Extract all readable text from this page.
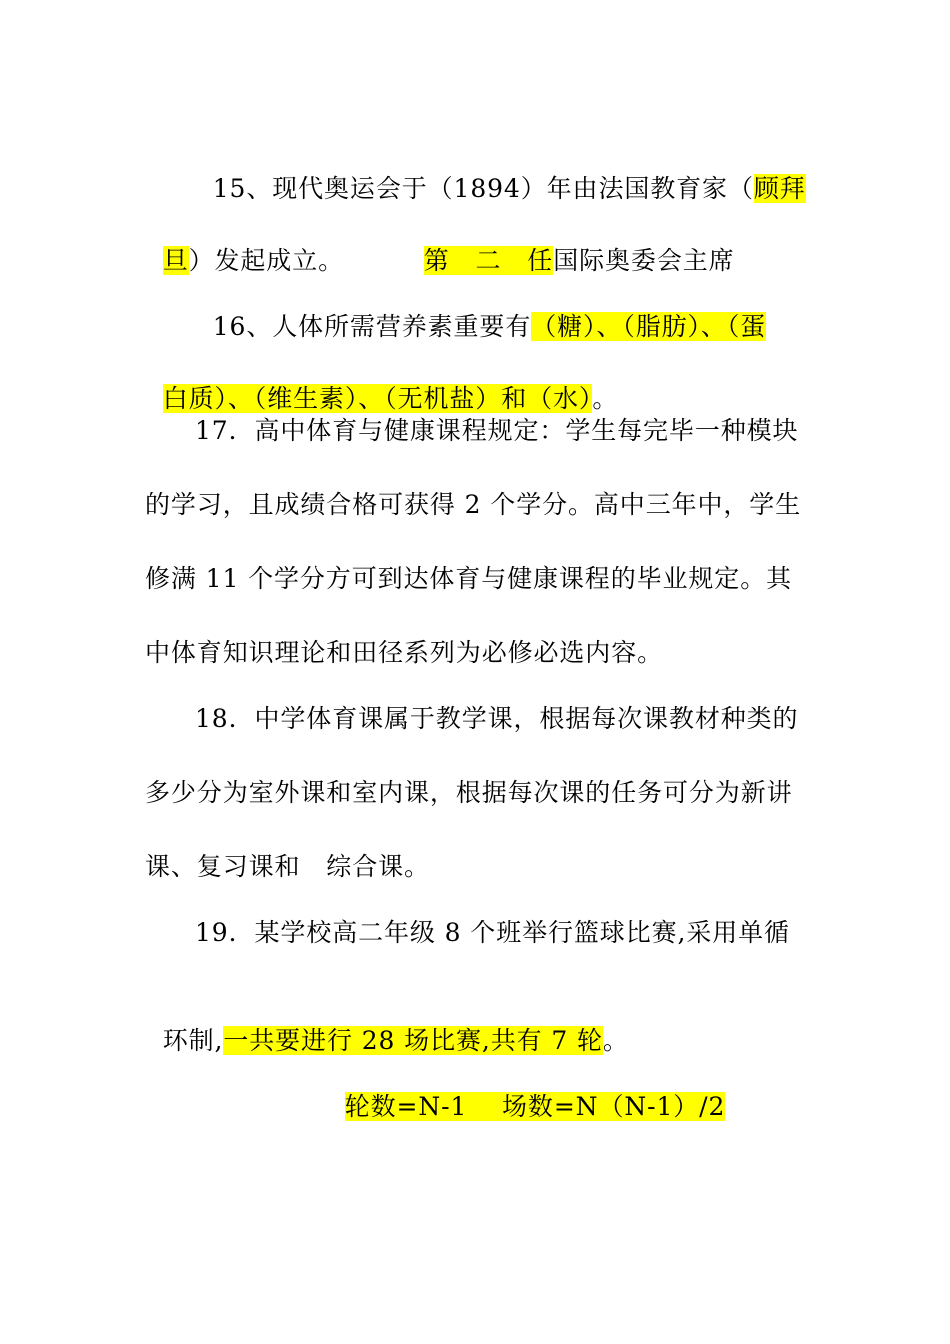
15、现代奥运会于（1894）年由法国教育家（顾拜

旦）发起成立。	第　二　任国际奥委会主席

16、人体所需营养素重要有（糖）、（脂肪）、（蛋

白质）、（维生素）、（无机盐）和（水）。

17．高中体育与健康课程规定：学生每完毕一种模块
的学习，且成绩合格可获得 2 个学分。高中三年中，学生
修满 11 个学分方可到达体育与健康课程的毕业规定。其
中体育知识理论和田径系列为必修必选内容。
18．中学体育课属于教学课，根据每次课教材种类的
多少分为室外课和室内课，根据每次课的任务可分为新讲
课、复习课和　综合课。
19．某学校高二年级 8 个班举行篮球比赛,采用单循

环制,一共要进行 28 场比赛,共有 7 轮。

轮数=N-1　 场数=N（N-1）/2
